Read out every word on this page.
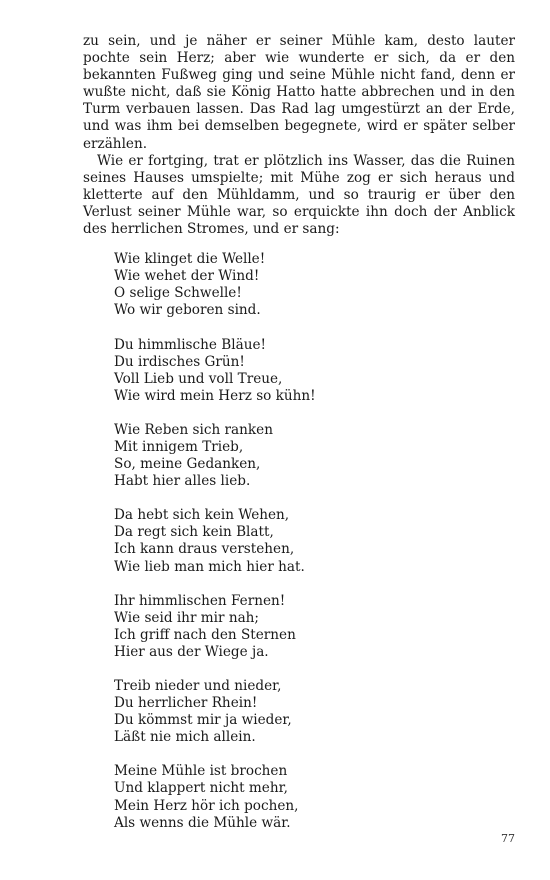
zu sein, und je näher er seiner Mühle kam, desto lauter pochte sein Herz; aber wie wunderte er sich, da er den bekannten Fußweg ging und seine Mühle nicht fand, denn er wußte nicht, daß sie König Hatto hatte abbrechen und in den Turm verbauen lassen. Das Rad lag umgestürzt an der Erde, und was ihm bei demselben begegnete, wird er später selber erzählen.

Wie er fortging, trat er plötzlich ins Wasser, das die Ruinen seines Hauses umspielte; mit Mühe zog er sich heraus und kletterte auf den Mühldamm, und so traurig er über den Verlust seiner Mühle war, so erquickte ihn doch der Anblick des herrlichen Stromes, und er sang:

Wie klinget die Welle!
Wie wehet der Wind!
O selige Schwelle!
Wo wir geboren sind.
Du himmlische Bläue!
Du irdisches Grün!
Voll Lieb und voll Treue,
Wie wird mein Herz so kühn!
Wie Reben sich ranken
Mit innigem Trieb,
So, meine Gedanken,
Habt hier alles lieb.
Da hebt sich kein Wehen,
Da regt sich kein Blatt,
Ich kann draus verstehen,
Wie lieb man mich hier hat.
Ihr himmlischen Fernen!
Wie seid ihr mir nah;
Ich griff nach den Sternen
Hier aus der Wiege ja.
Treib nieder und nieder,
Du herrlicher Rhein!
Du kömmst mir ja wieder,
Läßt nie mich allein.
Meine Mühle ist brochen
Und klappert nicht mehr,
Mein Herz hör ich pochen,
Als wenns die Mühle wär.
77
